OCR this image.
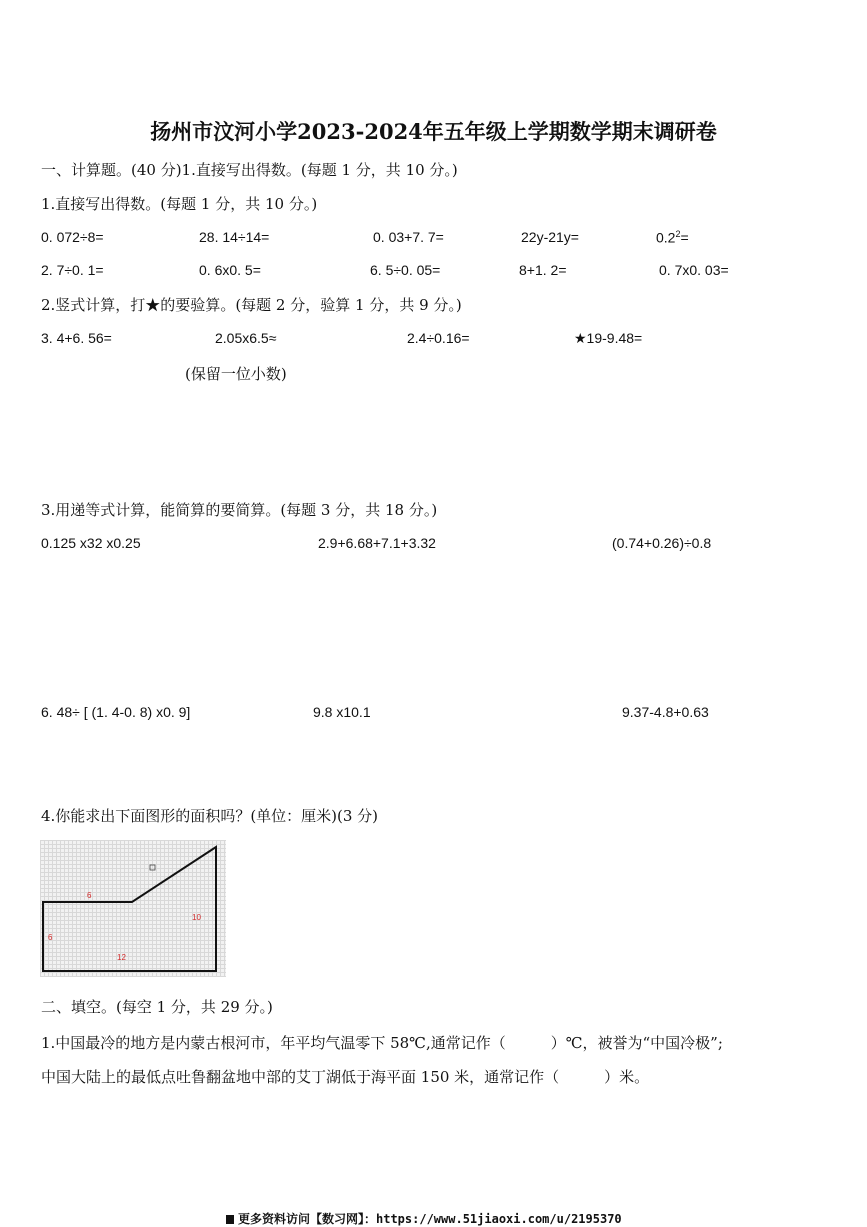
扬州市汶河小学2023-2024年五年级上学期数学期末调研卷
一、计算题。(40 分)1.直接写出得数。(每题 1 分，共 10 分。)
1.直接写出得数。(每题 1 分，共 10 分。)
0. 072÷8=	28. 14÷14=	0. 03+7. 7=	22y-21y=	$0.2^2=$
2. 7÷0. 1=	0. 6x0. 5=	6. 5÷0. 05=	8+1. 2=	0. 7x0. 03=
2.竖式计算，打★的要验算。(每题 2 分，验算 1 分，共 9 分。)
3. 4+6. 56=	2.05x6.5≈	2.4÷0.16=	★19-9.48=
(保留一位小数)
3.用递等式计算，能简算的要简算。(每题 3 分，共 18 分。)
0.125 x32 x0.25	2.9+6.68+7.1+3.32	(0.74+0.26)÷0.8
6. 48÷ [ (1. 4-0. 8) x0. 9]	9.8 x10.1	9.37-4.8+0.63
4.你能求出下面图形的面积吗？(单位：厘米)(3 分)
6
10
6
12
二、填空。(每空 1 分，共 29 分。)
1.中国最冷的地方是内蒙古根河市，年平均气温零下 58℃,通常记作（　　　）℃，被誉为“中国冷极”;
中国大陆上的最低点吐鲁翻盆地中部的艾丁湖低于海平面 150 米，通常记作（　　　）米。
更多资料访问【数习网】：https://www.51jiaoxi.com/u/2195370
